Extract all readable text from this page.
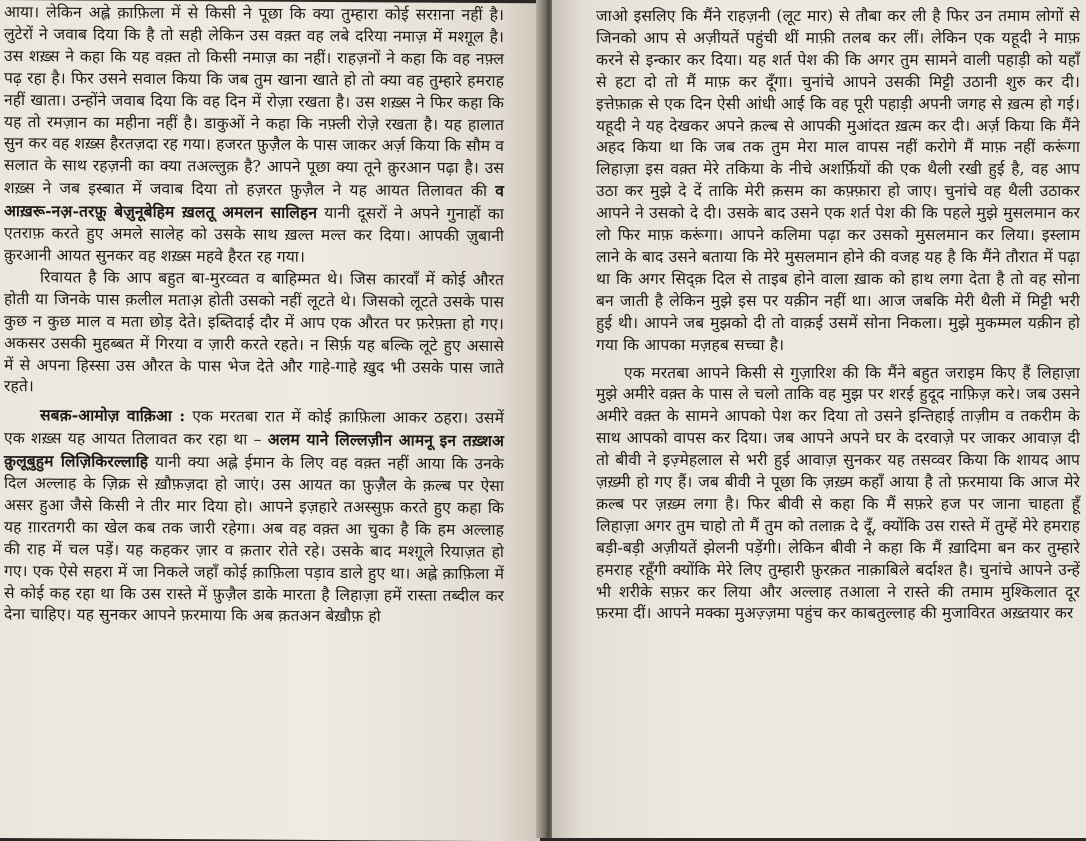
आया। लेकिन अह्ले क़ाफ़िला में से किसी ने पूछा कि क्या तुम्हारा कोई सरग़ना नहीं है। लुटेरों ने जवाब दिया कि है तो सही लेकिन उस वक़्त वह लबे दरिया नमाज़ में मश्ग़ूल है। उस शख़्स ने कहा कि यह वक़्त तो किसी नमाज़ का नहीं। राहज़नों ने कहा कि वह नफ़्ल पढ़ रहा है। फिर उसने सवाल किया कि जब तुम खाना खाते हो तो क्या वह तुम्हारे हमराह नहीं खाता। उन्होंने जवाब दिया कि वह दिन में रोज़ा रखता है। उस शख़्स ने फिर कहा कि यह तो रमज़ान का महीना नहीं है। डाकुओं ने कहा कि नफ़्ली रोज़े रखता है। यह हालात सुन कर वह शख़्स हैरतज़दा रह गया। हजरत फ़ुज़ैल के पास जाकर अर्ज़ किया कि सौम व सलात के साथ रहज़नी का क्या तअल्लुक़ है? आपने पूछा क्या तूने क़ुरआन पढ़ा है। उस शख़्स ने जब इस्बात में जवाब दिया तो हज़रत फ़ुज़ैल ने यह आयत तिलावत की व आख़रू-नअ़-तरफ़ू बेज़ुनूबेहिम ख़लतू अमलन सालिहन यानी दूसरों ने अपने गुनाहों का एतराफ़ करते हुए अमले सालेह को उसके साथ ख़ल्त मल्त कर दिया। आपकी ज़ुबानी क़ुरआनी आयत सुनकर वह शख़्स महवे हैरत रह गया।

रिवायत है कि आप बहुत बा-मुरव्वत व बाहिम्मत थे। जिस कारवाँ में कोई औरत होती या जिनके पास क़लील मताअ़ होती उसको नहीं लूटते थे। जिसको लूटते उसके पास कुछ न कुछ माल व मता छोड़ देते। इब्तिदाई दौर में आप एक औरत पर फ़रेफ़्ता हो गए। अकसर उसकी मुहब्बत में गिरया व ज़ारी करते रहते। न सिर्फ़ यह बल्कि लूटे हुए असासे में से अपना हिस्सा उस औरत के पास भेज देते और गाहे-गाहे ख़ुद भी उसके पास जाते रहते।

सबक़-आमोज़ वाक़िआ : एक मरतबा रात में कोई क़ाफ़िला आकर ठहरा। उसमें एक शख़्स यह आयत तिलावत कर रहा था – अलम याने लिल्लज़ीन आमनू इन तख़्शअ क़ुलूबुहुम लिज़िकिरल्लाहि यानी क्या अह्ले ईमान के लिए वह वक़्त नहीं आया कि उनके दिल अल्लाह के ज़िक्र से ख़ौफ़ज़दा हो जाएं। उस आयत का फ़ुज़ैल के क़ल्ब पर ऐसा असर हुआ जैसे किसी ने तीर मार दिया हो। आपने इज़हारे तअस्सुफ़ करते हुए कहा कि यह ग़ारतगरी का खेल कब तक जारी रहेगा। अब वह वक़्त आ चुका है कि हम अल्लाह की राह में चल पड़ें। यह कहकर ज़ार व क़तार रोते रहे। उसके बाद मश्ग़ूले रियाज़त हो गए। एक ऐसे सहरा में जा निकले जहाँ कोई क़ाफ़िला पड़ाव डाले हुए था। अह्ले क़ाफ़िला में से कोई कह रहा था कि उस रास्ते में फ़ुज़ैल डाके मारता है लिहाज़ा हमें रास्ता तब्दील कर देना चाहिए। यह सुनकर आपने फ़रमाया कि अब क़तअन बेख़ौफ़ हो

जाओ इसलिए कि मैंने राहज़नी (लूट मार) से तौबा कर ली है फिर उन तमाम लोगों से जिनको आप से अज़ीयतें पहुंची थीं माफ़ी तलब कर लीं। लेकिन एक यहूदी ने माफ़ करने से इन्कार कर दिया। यह शर्त पेश की कि अगर तुम सामने वाली पहाड़ी को यहाँ से हटा दो तो मैं माफ़ कर दूँगा। चुनांचे आपने उसकी मिट्टी उठानी शुरु कर दी। इत्तेफ़ाक़ से एक दिन ऐसी आंधी आई कि वह पूरी पहाड़ी अपनी जगह से ख़त्म हो गई। यहूदी ने यह देखकर अपने क़ल्ब से आपकी मुआंदत ख़त्म कर दी। अर्ज़ किया कि मैंने अहद किया था कि जब तक तुम मेरा माल वापस नहीं करोगे मैं माफ़ नहीं करूंगा लिहाज़ा इस वक़्त मेरे तकिया के नीचे अशर्फ़ियों की एक थैली रखी हुई है, वह आप उठा कर मुझे दे दें ताकि मेरी क़सम का कफ़्फ़ारा हो जाए। चुनांचे वह थैली उठाकर आपने ने उसको दे दी। उसके बाद उसने एक शर्त पेश की कि पहले मुझे मुसलमान कर लो फिर माफ़ करूंगा। आपने कलिमा पढ़ा कर उसको मुसलमान कर लिया। इस्लाम लाने के बाद उसने बताया कि मेरे मुसलमान होने की वजह यह है कि मैंने तौरात में पढ़ा था कि अगर सिद्क़ दिल से ताइब होने वाला ख़ाक को हाथ लगा देता है तो वह सोना बन जाती है लेकिन मुझे इस पर यक़ीन नहीं था। आज जबकि मेरी थैली में मिट्टी भरी हुई थी। आपने जब मुझको दी तो वाक़ई उसमें सोना निकला। मुझे मुकम्मल यक़ीन हो गया कि आपका मज़हब सच्चा है।

एक मरतबा आपने किसी से गुज़ारिश की कि मैंने बहुत जराइम किए हैं लिहाज़ा मुझे अमीरे वक़्त के पास ले चलो ताकि वह मुझ पर शरई हुदूद नाफ़िज़ करे। जब उसने अमीरे वक़्त के सामने आपको पेश कर दिया तो उसने इन्तिहाई ताज़ीम व तकरीम के साथ आपको वापस कर दिया। जब आपने अपने घर के दरवाज़े पर जाकर आवाज़ दी तो बीवी ने इज़्मेहलाल से भरी हुई आवाज़ सुनकर यह तसव्वर किया कि शायद आप ज़ख़्मी हो गए हैं। जब बीवी ने पूछा कि ज़ख़्म कहाँ आया है तो फ़रमाया कि आज मेरे क़ल्ब पर ज़ख़्म लगा है। फिर बीवी से कहा कि मैं सफ़रे हज पर जाना चाहता हूँ लिहाज़ा अगर तुम चाहो तो मैं तुम को तलाक़ दे दूँ, क्योंकि उस रास्ते में तुम्हें मेरे हमराह बड़ी-बड़ी अज़ीयतें झेलनी पड़ेंगी। लेकिन बीवी ने कहा कि मैं ख़ादिमा बन कर तुम्हारे हमराह रहूँगी क्योंकि मेरे लिए तुम्हारी फ़ुरक़त नाक़ाबिले बर्दाश्त है। चुनांचे आपने उन्हें भी शरीके सफ़र कर लिया और अल्लाह तआला ने रास्ते की तमाम मुश्किलात दूर फ़रमा दीं। आपने मक्का मुअज़्ज़मा पहुंच कर काबतुल्लाह की मुजाविरत अख़्तयार कर
